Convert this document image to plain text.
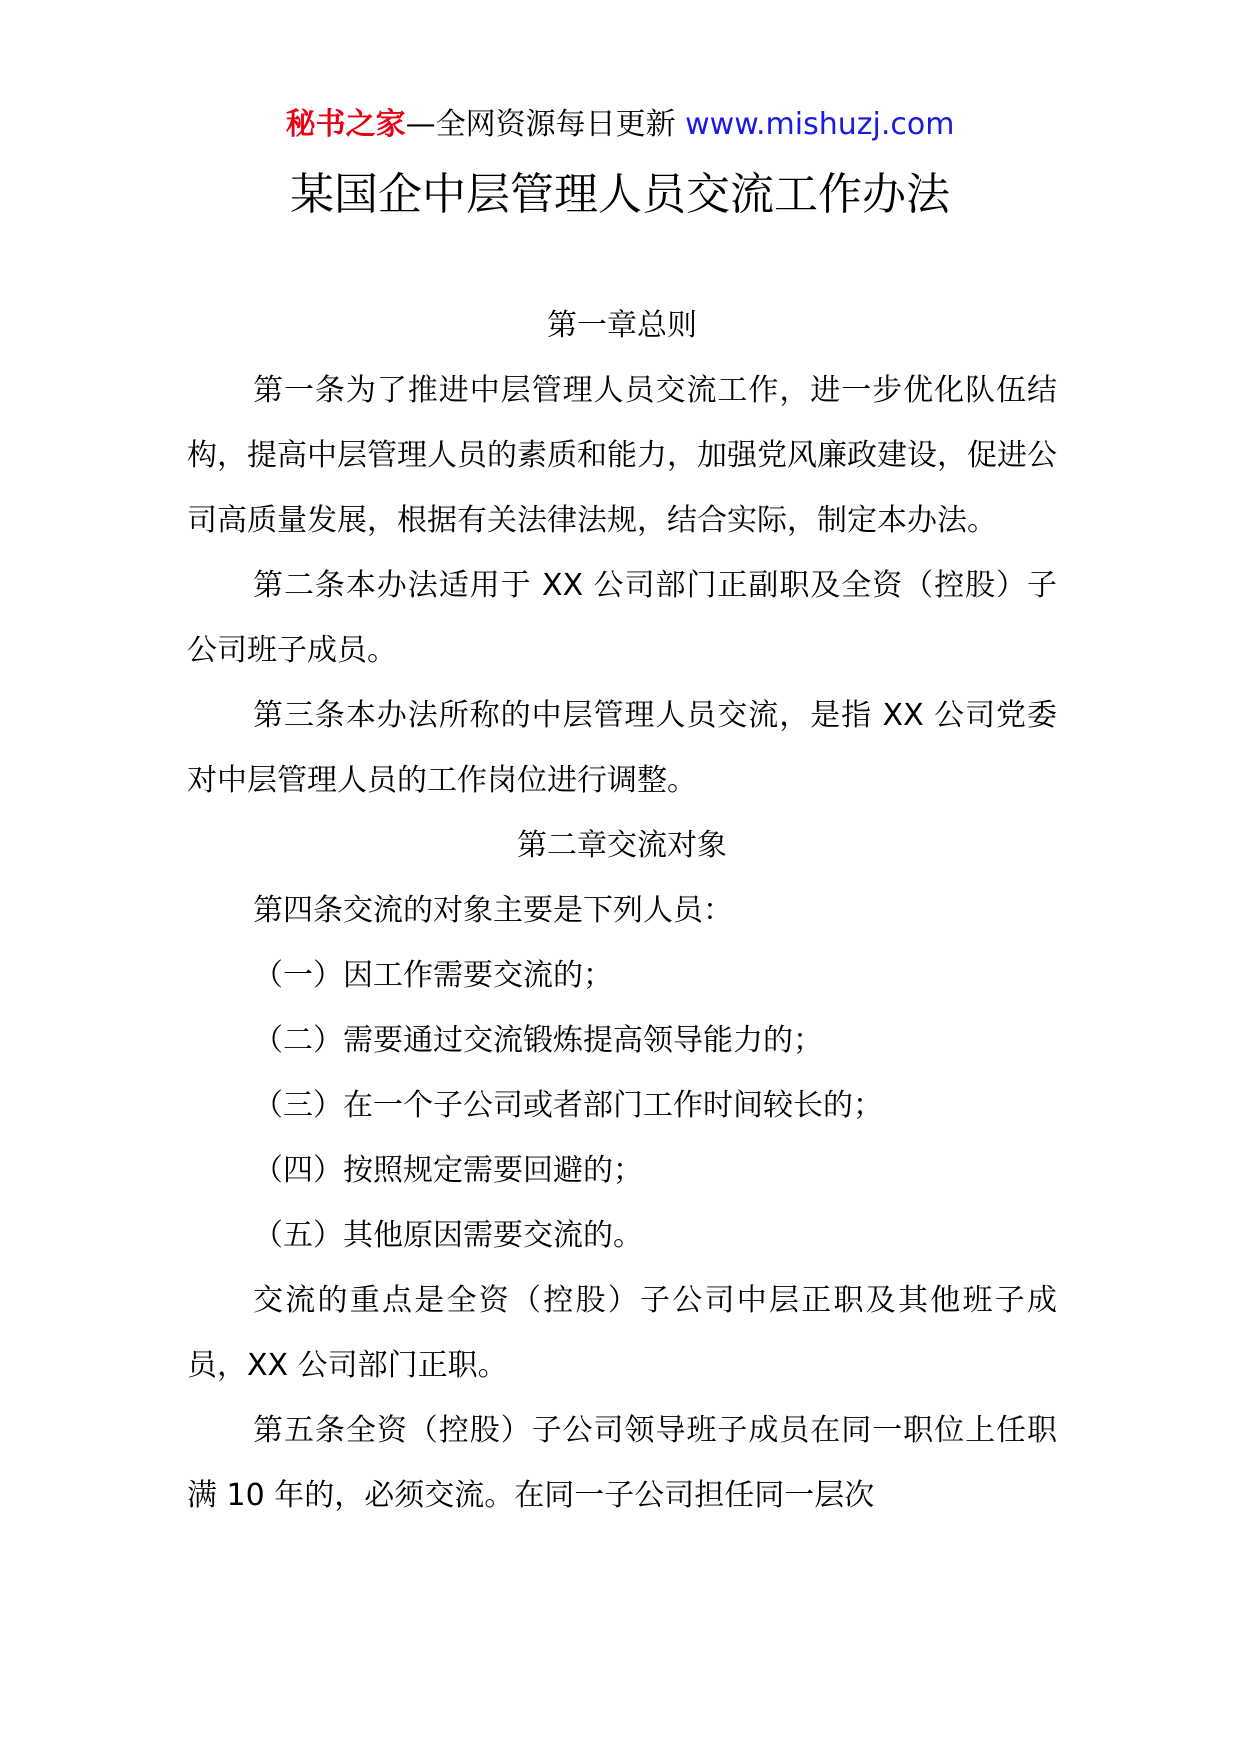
秘书之家—全网资源每日更新 www.mishuzj.com
某国企中层管理人员交流工作办法

第一章总则

第一条为了推进中层管理人员交流工作，进一步优化队伍结构，提高中层管理人员的素质和能力，加强党风廉政建设，促进公司高质量发展，根据有关法律法规，结合实际，制定本办法。

第二条本办法适用于 XX 公司部门正副职及全资（控股）子公司班子成员。

第三条本办法所称的中层管理人员交流，是指 XX 公司党委对中层管理人员的工作岗位进行调整。

第二章交流对象

第四条交流的对象主要是下列人员：

（一）因工作需要交流的；

（二）需要通过交流锻炼提高领导能力的；

（三）在一个子公司或者部门工作时间较长的；

（四）按照规定需要回避的；

（五）其他原因需要交流的。

交流的重点是全资（控股）子公司中层正职及其他班子成员，XX 公司部门正职。

第五条全资（控股）子公司领导班子成员在同一职位上任职满 10 年的，必须交流。在同一子公司担任同一层次
